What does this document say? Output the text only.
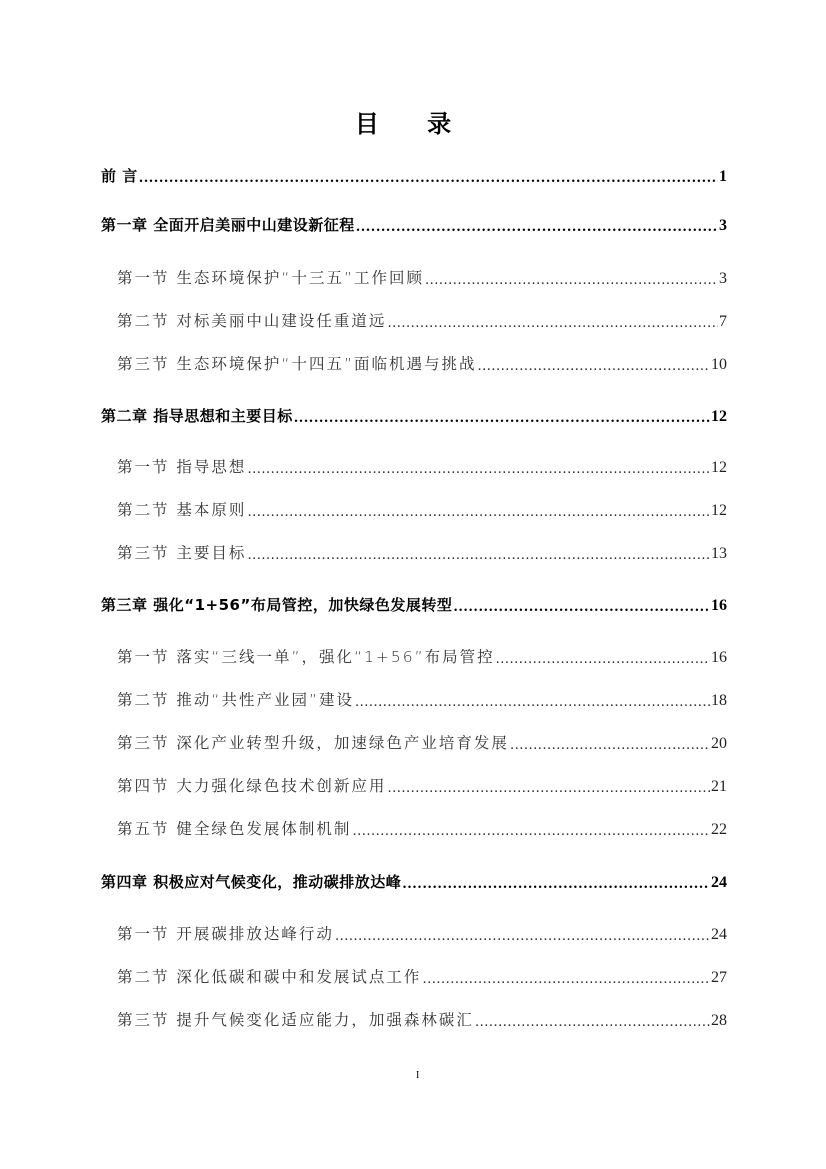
目 录
前 言 .....	1
第一章 全面开启美丽中山建设新征程 .....	3
第一节 生态环境保护“十三五”工作回顾 .....	3
第二节 对标美丽中山建设任重道远 .....	7
第三节 生态环境保护“十四五”面临机遇与挑战 .....	10
第二章 指导思想和主要目标 .....	12
第一节 指导思想 .....	12
第二节 基本原则 .....	12
第三节 主要目标 .....	13
第三章 强化“1+56”布局管控，加快绿色发展转型 .....	16
第一节 落实“三线一单”，强化“1+56”布局管控 .....	16
第二节 推动“共性产业园”建设 .....	18
第三节 深化产业转型升级，加速绿色产业培育发展 .....	20
第四节 大力强化绿色技术创新应用 .....	21
第五节 健全绿色发展体制机制 .....	22
第四章 积极应对气候变化，推动碳排放达峰 .....	24
第一节 开展碳排放达峰行动 .....	24
第二节 深化低碳和碳中和发展试点工作 .....	27
第三节 提升气候变化适应能力，加强森林碳汇 .....	28
I
